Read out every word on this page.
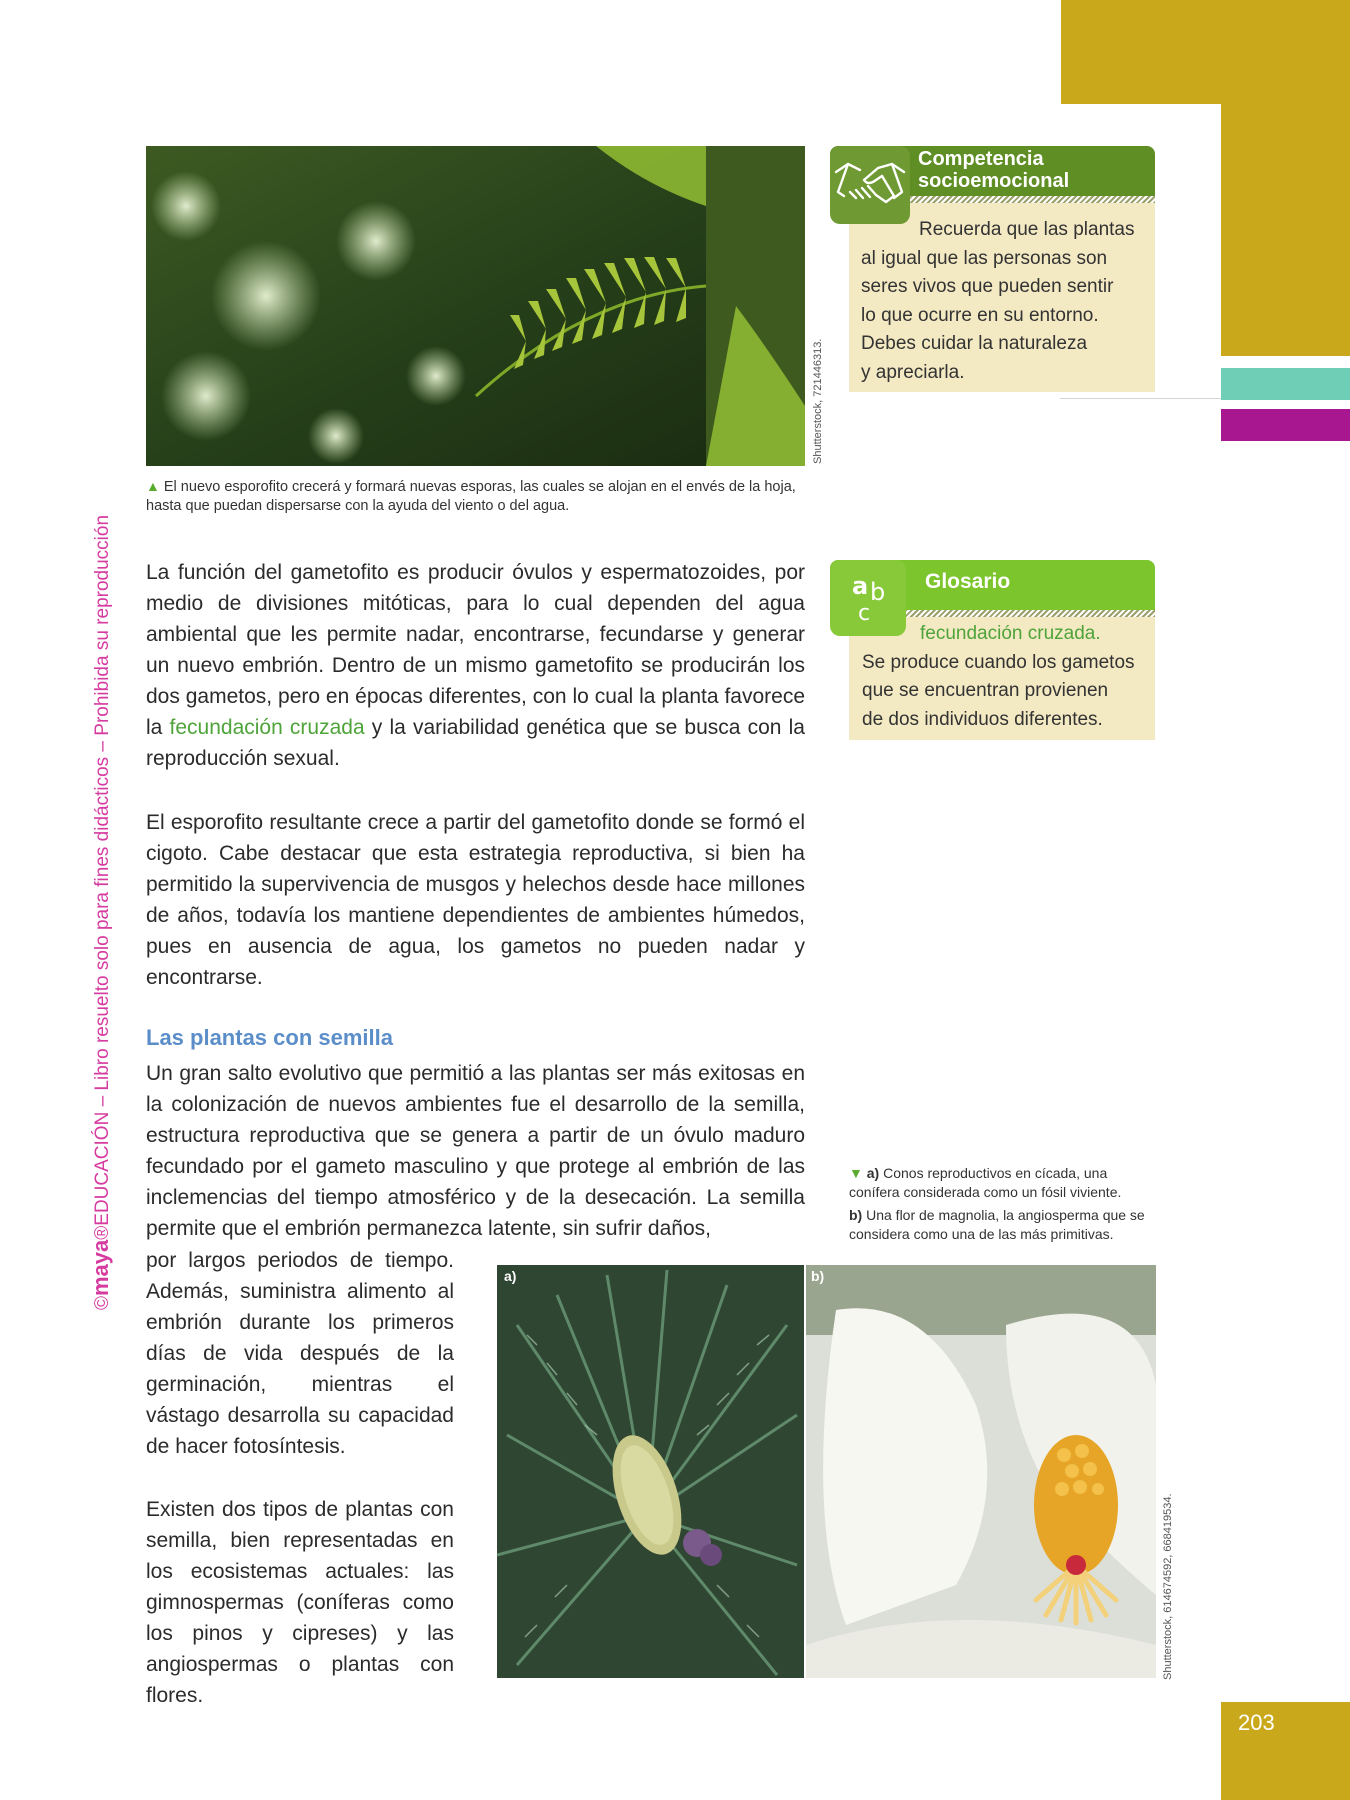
203
©maya®EDUCACIÓN – Libro resuelto solo para fines didácticos – Prohibida su reproducción
Shutterstock, 721446313.
▲ El nuevo esporofito crecerá y formará nuevas esporas, las cuales se alojan en el envés de la hoja, hasta que puedan dispersarse con la ayuda del viento o del agua.
Competencia
socioemocional
Recuerda que las plantas
al igual que las personas son
seres vivos que pueden sentir
lo que ocurre en su entorno.
Debes cuidar la naturaleza
y apreciarla.
a b
c
Glosario
fecundación cruzada.
Se produce cuando los gametos
que se encuentran provienen
de dos individuos diferentes.
La función del gametofito es producir óvulos y espermatozoides, por medio de divisiones mitóticas, para lo cual dependen del agua ambiental que les permite nadar, encontrarse, fecundarse y generar un nuevo embrión. Dentro de un mismo gametofito se producirán los dos gametos, pero en épocas diferentes, con lo cual la planta favorece la fecundación cruzada y la variabilidad genética que se busca con la reproducción sexual.
El esporofito resultante crece a partir del gametofito donde se formó el cigoto. Cabe destacar que esta estrategia reproductiva, si bien ha permitido la supervivencia de musgos y helechos desde hace millones de años, todavía los mantiene dependientes de ambientes húmedos, pues en ausencia de agua, los gametos no pueden nadar y encontrarse.
Las plantas con semilla
Un gran salto evolutivo que permitió a las plantas ser más exitosas en la colonización de nuevos ambientes fue el desarrollo de la semilla, estructura reproductiva que se genera a partir de un óvulo maduro fecundado por el gameto masculino y que protege al embrión de las inclemencias del tiempo atmosférico y de la desecación. La semilla permite que el embrión permanezca latente, sin sufrir daños,
por largos periodos de tiempo. Además, suministra alimento al embrión durante los primeros días de vida después de la germinación, mientras el vástago desarrolla su capacidad de hacer fotosíntesis.
Existen dos tipos de plantas con semilla, bien representadas en los ecosistemas actuales: las gimnospermas (coníferas como los pinos y cipreses) y las angiospermas o plantas con flores.
▼ a) Conos reproductivos en cícada, una conífera considerada como un fósil viviente.
b) Una flor de magnolia, la angiosperma que se considera como una de las más primitivas.
a)	b)
Shutterstock, 614674592, 668419534.
